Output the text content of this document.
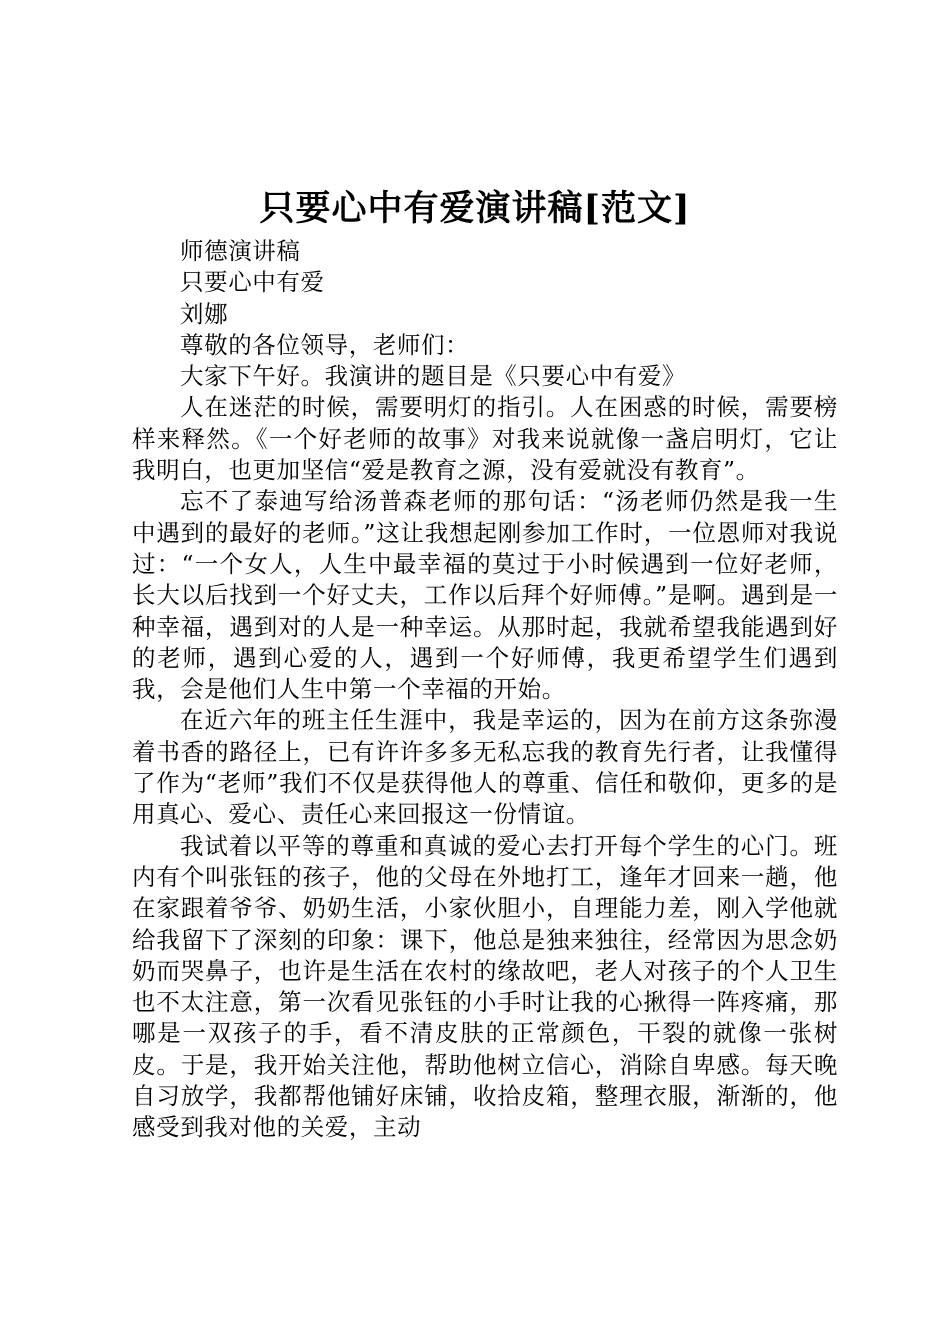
只要心中有爱演讲稿[范文]

师德演讲稿

只要心中有爱

刘娜

尊敬的各位领导，老师们：

大家下午好。我演讲的题目是《只要心中有爱》

人在迷茫的时候，需要明灯的指引。人在困惑的时候，需要榜样来释然。《一个好老师的故事》对我来说就像一盏启明灯，它让我明白，也更加坚信“爱是教育之源，没有爱就没有教育”。

忘不了泰迪写给汤普森老师的那句话：“汤老师仍然是我一生中遇到的最好的老师。”这让我想起刚参加工作时，一位恩师对我说过：“一个女人，人生中最幸福的莫过于小时候遇到一位好老师，长大以后找到一个好丈夫，工作以后拜个好师傅。”是啊。遇到是一种幸福，遇到对的人是一种幸运。从那时起，我就希望我能遇到好的老师，遇到心爱的人，遇到一个好师傅，我更希望学生们遇到我，会是他们人生中第一个幸福的开始。

在近六年的班主任生涯中，我是幸运的，因为在前方这条弥漫着书香的路径上，已有许许多多无私忘我的教育先行者，让我懂得了作为“老师”我们不仅是获得他人的尊重、信任和敬仰，更多的是用真心、爱心、责任心来回报这一份情谊。

我试着以平等的尊重和真诚的爱心去打开每个学生的心门。班内有个叫张钰的孩子，他的父母在外地打工，逢年才回来一趟，他在家跟着爷爷、奶奶生活，小家伙胆小，自理能力差，刚入学他就给我留下了深刻的印象：课下，他总是独来独往，经常因为思念奶奶而哭鼻子，也许是生活在农村的缘故吧，老人对孩子的个人卫生也不太注意，第一次看见张钰的小手时让我的心揪得一阵疼痛，那哪是一双孩子的手，看不清皮肤的正常颜色，干裂的就像一张树皮。于是，我开始关注他，帮助他树立信心，消除自卑感。每天晚自习放学，我都帮他铺好床铺，收拾皮箱，整理衣服，渐渐的，他感受到我对他的关爱，主动
